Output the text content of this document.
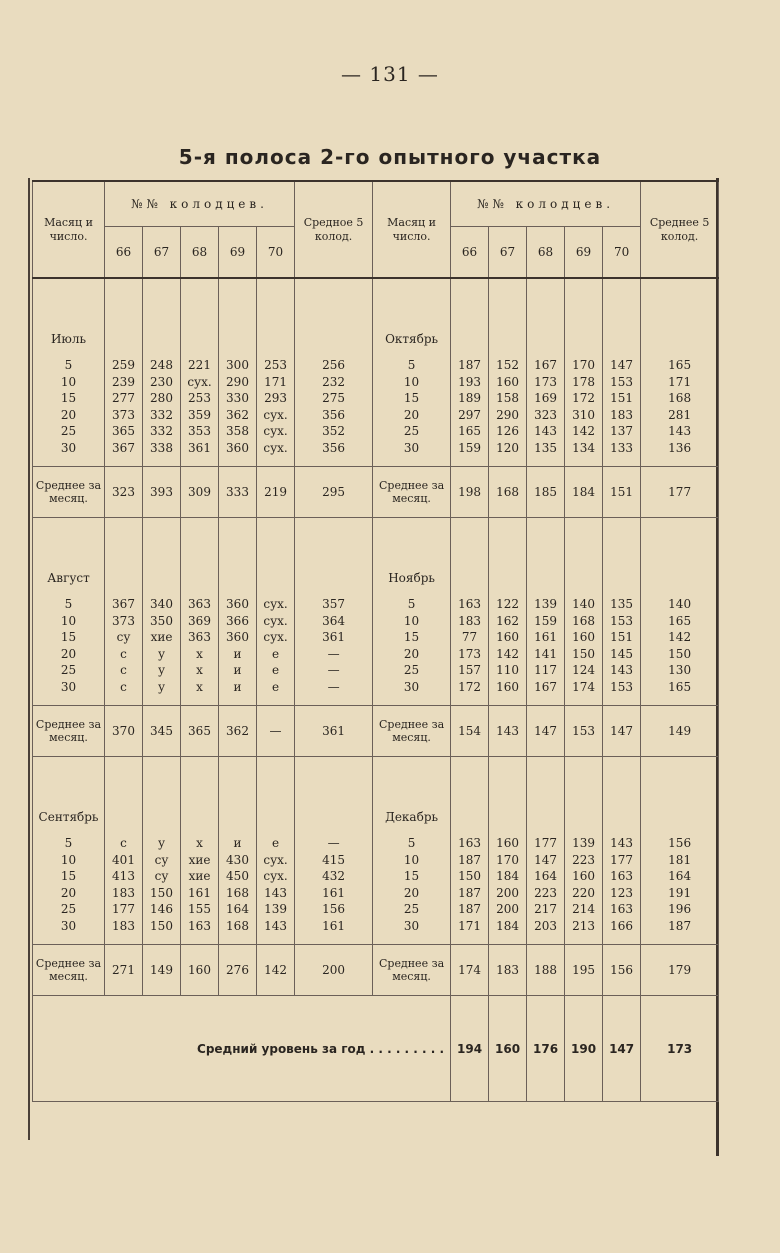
— 131 —
5-я полоса 2-го опытного участка
Масяц и число.	№№ колодцев.					Средное 5 колод.	Масяц и число.	№№ колодцев.					Среднее 5 колод.
	66	67	68	69	70			66	67	68	69	70	

Июль							Октябрь						

5	259	248	221	300	253	256	5	187	152	167	170	147	165
10	239	230	сух.	290	171	232	10	193	160	173	178	153	171
15	277	280	253	330	293	275	15	189	158	169	172	151	168
20	373	332	359	362	сух.	356	20	297	290	323	310	183	281
25	365	332	353	358	сух.	352	25	165	126	143	142	137	143
30	367	338	361	360	сух.	356	30	159	120	135	134	133	136

Среднее за месяц.	323	393	309	333	219	295	Среднее за месяц.	198	168	185	184	151	177

Август							Ноябрь						

5	367	340	363	360	сух.	357	5	163	122	139	140	135	140
10	373	350	369	366	сух.	364	10	183	162	159	168	153	165
15	су	хие	363	360	сух.	361	15	77	160	161	160	151	142
20	с	у	х	и	е	—	20	173	142	141	150	145	150
25	с	у	х	и	е	—	25	157	110	117	124	143	130
30	с	у	х	и	е	—	30	172	160	167	174	153	165

Среднее за месяц.	370	345	365	362	—	361	Среднее за месяц.	154	143	147	153	147	149

Сентябрь							Декабрь						

5	с	у	х	и	е	—	5	163	160	177	139	143	156
10	401	су	хие	430	сух.	415	10	187	170	147	223	177	181
15	413	су	хие	450	сух.	432	15	150	184	164	160	163	164
20	183	150	161	168	143	161	20	187	200	223	220	123	191
25	177	146	155	164	139	156	25	187	200	217	214	163	196
30	183	150	163	168	143	161	30	171	184	203	213	166	187

Среднее за месяц.	271	149	160	276	142	200	Среднее за месяц.	174	183	188	195	156	179
Средний уровень за год . . . . . . . . .								194	160	176	190	147	173
